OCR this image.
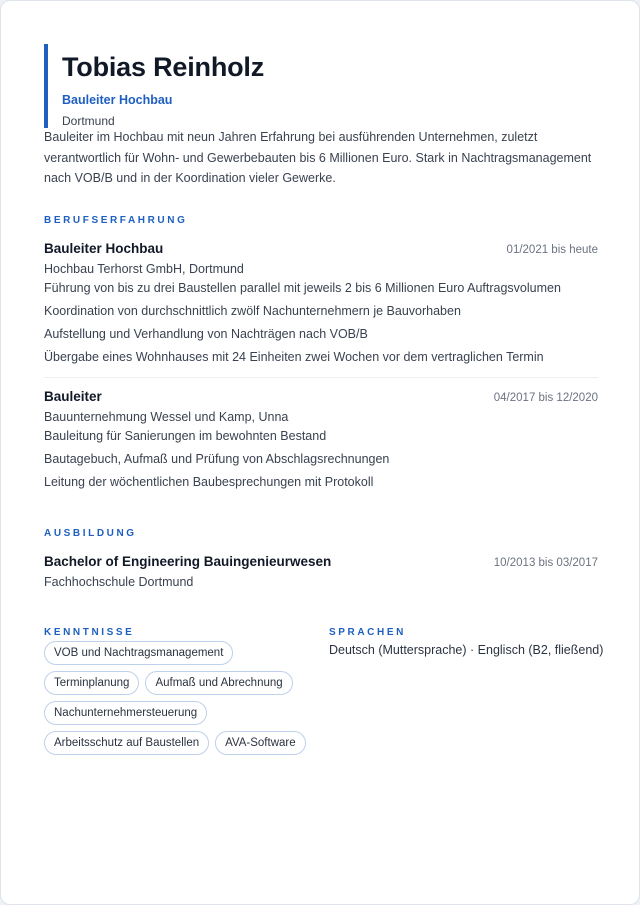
Tobias Reinholz
Bauleiter Hochbau
Dortmund
Bauleiter im Hochbau mit neun Jahren Erfahrung bei ausführenden Unternehmen, zuletzt verantwortlich für Wohn- und Gewerbebauten bis 6 Millionen Euro. Stark in Nachtragsmanagement nach VOB/B und in der Koordination vieler Gewerke.
BERUFSERFAHRUNG
Bauleiter Hochbau	01/2021 bis heute
Hochbau Terhorst GmbH, Dortmund
Führung von bis zu drei Baustellen parallel mit jeweils 2 bis 6 Millionen Euro Auftragsvolumen
Koordination von durchschnittlich zwölf Nachunternehmern je Bauvorhaben
Aufstellung und Verhandlung von Nachträgen nach VOB/B
Übergabe eines Wohnhauses mit 24 Einheiten zwei Wochen vor dem vertraglichen Termin
Bauleiter	04/2017 bis 12/2020
Bauunternehmung Wessel und Kamp, Unna
Bauleitung für Sanierungen im bewohnten Bestand
Bautagebuch, Aufmaß und Prüfung von Abschlagsrechnungen
Leitung der wöchentlichen Baubesprechungen mit Protokoll
AUSBILDUNG
Bachelor of Engineering Bauingenieurwesen	10/2013 bis 03/2017
Fachhochschule Dortmund
KENNTNISSE
VOB und Nachtragsmanagement
Terminplanung	Aufmaß und Abrechnung
Nachunternehmersteuerung
Arbeitsschutz auf Baustellen	AVA-Software
SPRACHEN
Deutsch (Muttersprache) · Englisch (B2, fließend)
